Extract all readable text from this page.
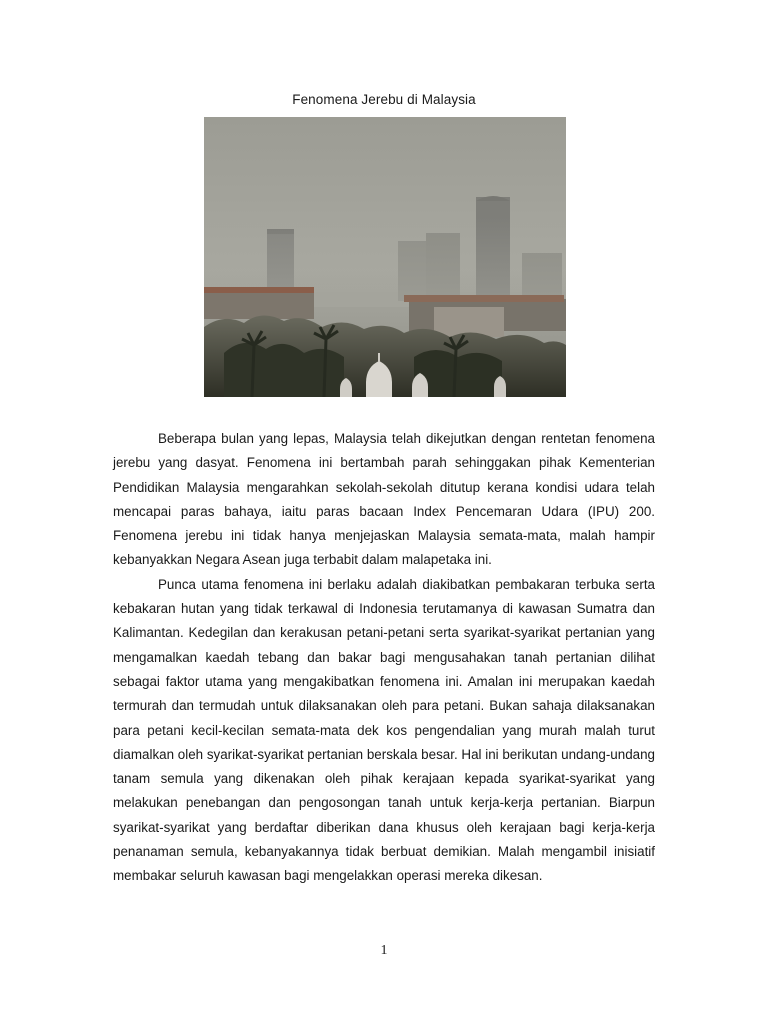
Fenomena Jerebu di Malaysia

Beberapa bulan yang lepas, Malaysia telah dikejutkan dengan rentetan fenomena jerebu yang dasyat. Fenomena ini bertambah parah sehinggakan pihak Kementerian Pendidikan Malaysia mengarahkan sekolah-sekolah ditutup kerana kondisi udara telah mencapai paras bahaya, iaitu paras bacaan Index Pencemaran Udara (IPU) 200. Fenomena jerebu ini tidak hanya menjejaskan Malaysia semata-mata, malah hampir kebanyakkan Negara Asean juga terbabit dalam malapetaka ini.

Punca utama fenomena ini berlaku adalah diakibatkan pembakaran terbuka serta kebakaran hutan yang tidak terkawal di Indonesia terutamanya di kawasan Sumatra dan Kalimantan. Kedegilan dan kerakusan petani-petani serta syarikat-syarikat pertanian yang mengamalkan kaedah tebang dan bakar bagi mengusahakan tanah pertanian dilihat sebagai faktor utama yang mengakibatkan fenomena ini. Amalan ini merupakan kaedah termurah dan termudah untuk dilaksanakan oleh para petani. Bukan sahaja dilaksanakan para petani kecil-kecilan semata-mata dek kos pengendalian yang murah malah turut diamalkan oleh syarikat-syarikat pertanian berskala besar. Hal ini berikutan undang-undang tanam semula yang dikenakan oleh pihak kerajaan kepada syarikat-syarikat yang melakukan penebangan dan pengosongan tanah untuk kerja-kerja pertanian. Biarpun syarikat-syarikat yang berdaftar diberikan dana khusus oleh kerajaan bagi kerja-kerja penanaman semula, kebanyakannya tidak berbuat demikian. Malah mengambil inisiatif membakar seluruh kawasan bagi mengelakkan operasi mereka dikesan.

1
